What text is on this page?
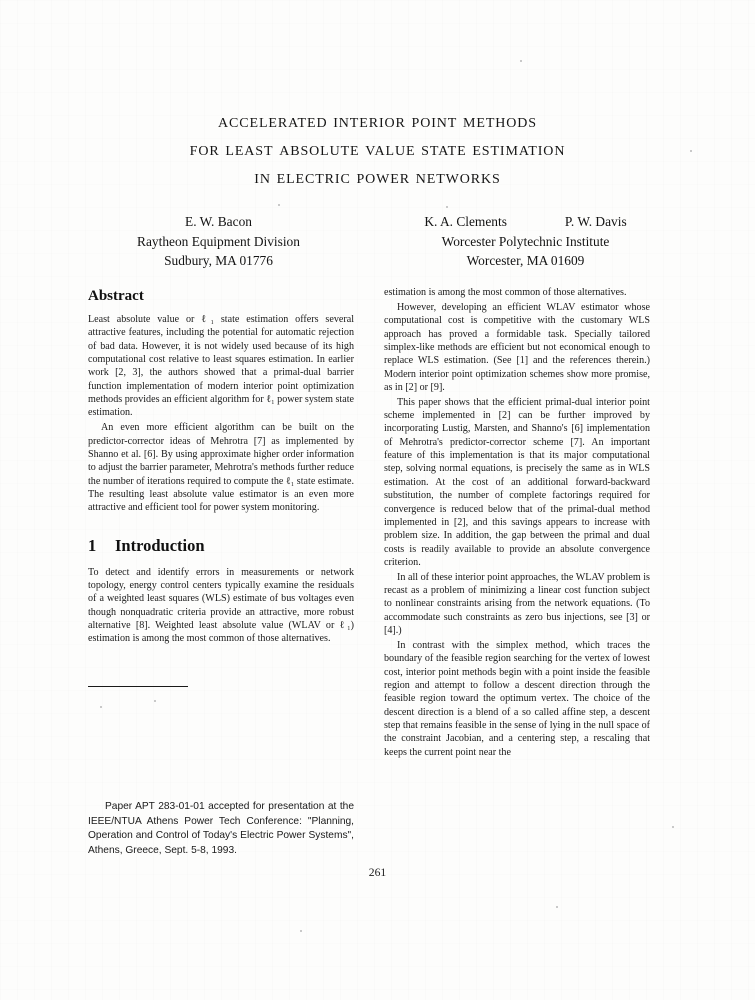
accelerated interior point methods
for least absolute value state estimation
in electric power networks
E. W. Bacon
Raytheon Equipment Division
Sudbury, MA 01776
K. A. Clements	P. W. Davis
Worcester Polytechnic Institute
Worcester, MA 01609
Abstract

Least absolute value or ℓ₁ state estimation offers several attractive features, including the potential for automatic rejection of bad data. However, it is not widely used because of its high computational cost relative to least squares estimation. In earlier work [2, 3], the authors showed that a primal-dual barrier function implementation of modern interior point optimization methods provides an efficient algorithm for ℓ₁ power system state estimation.

An even more efficient algorithm can be built on the predictor-corrector ideas of Mehrotra [7] as implemented by Shanno et al. [6]. By using approximate higher order information to adjust the barrier parameter, Mehrotra's methods further reduce the number of iterations required to compute the ℓ₁ state estimate. The resulting least absolute value estimator is an even more attractive and efficient tool for power system monitoring.

1 Introduction

To detect and identify errors in measurements or network topology, energy control centers typically examine the residuals of a weighted least squares (WLS) estimate of bus voltages even though nonquadratic criteria provide an attractive, more robust alternative [8]. Weighted least absolute value (WLAV or ℓ₁) estimation is among the most common of those alternatives.

estimation is among the most common of those alternatives.

However, developing an efficient WLAV estimator whose computational cost is competitive with the customary WLS approach has proved a formidable task. Specially tailored simplex-like methods are efficient but not economical enough to replace WLS estimation. (See [1] and the references therein.) Modern interior point optimization schemes show more promise, as in [2] or [9].

This paper shows that the efficient primal-dual interior point scheme implemented in [2] can be further improved by incorporating Lustig, Marsten, and Shanno's [6] implementation of Mehrotra's predictor-corrector scheme [7]. An important feature of this implementation is that its major computational step, solving normal equations, is precisely the same as in WLS estimation. At the cost of an additional forward-backward substitution, the number of complete factorings required for convergence is reduced below that of the primal-dual method implemented in [2], and this savings appears to increase with problem size. In addition, the gap between the primal and dual costs is readily available to provide an absolute convergence criterion.

In all of these interior point approaches, the WLAV problem is recast as a problem of minimizing a linear cost function subject to nonlinear constraints arising from the network equations. (To accommodate such constraints as zero bus injections, see [3] or [4].)

In contrast with the simplex method, which traces the boundary of the feasible region searching for the vertex of lowest cost, interior point methods begin with a point inside the feasible region and attempt to follow a descent direction through the feasible region toward the optimum vertex. The choice of the descent direction is a blend of a so called affine step, a descent step that remains feasible in the sense of lying in the null space of the constraint Jacobian, and a centering step, a rescaling that keeps the current point near the

Paper APT 283-01-01 accepted for presentation at the IEEE/NTUA Athens Power Tech Conference: "Planning, Operation and Control of Today's Electric Power Systems", Athens, Greece, Sept. 5-8, 1993.
261
